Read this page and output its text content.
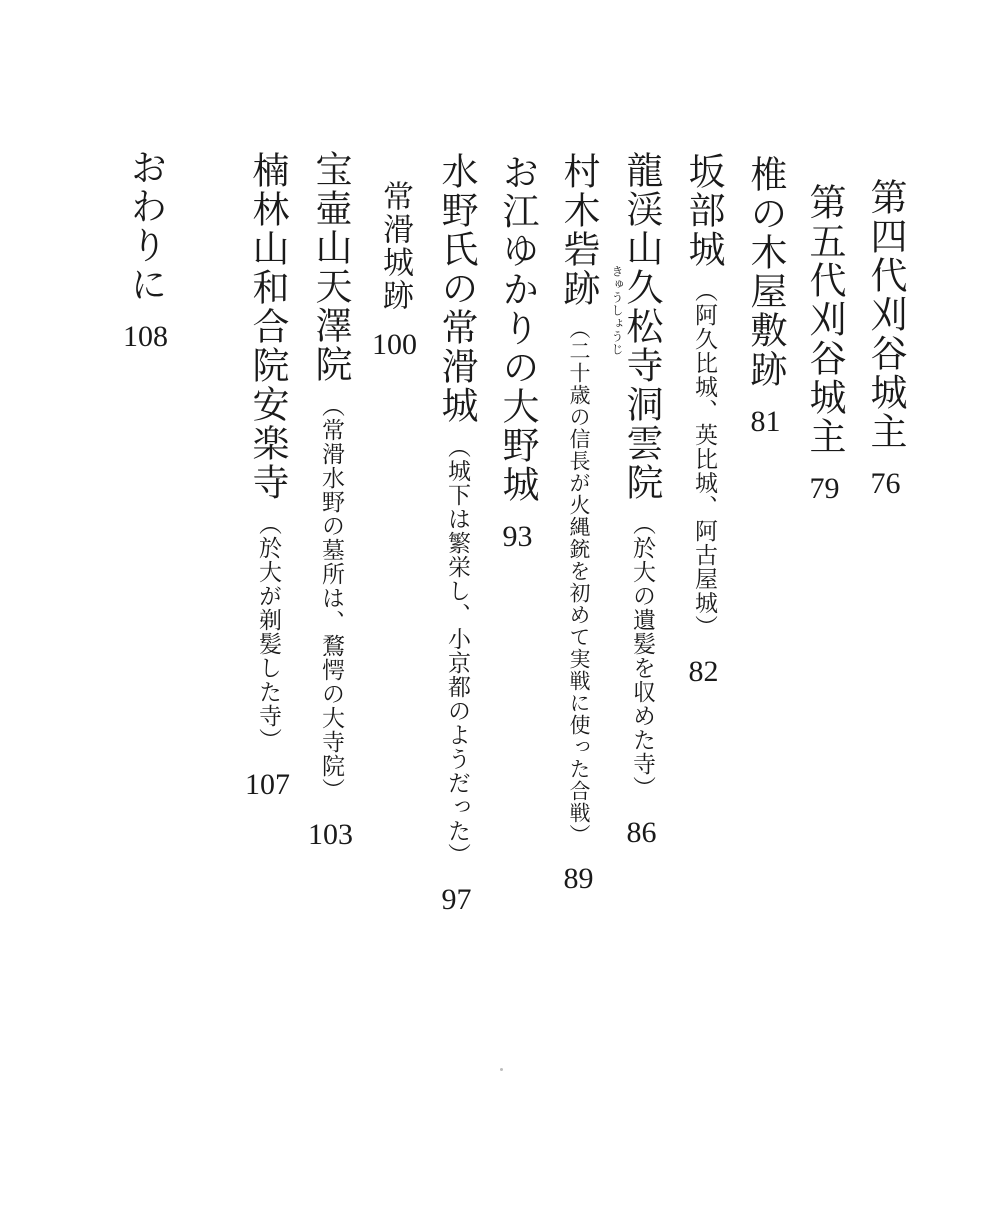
第四代刈谷城主
76
第五代刈谷城主
79
椎の木屋敷跡
81
坂部城
（阿久比城、英比城、阿古屋城）
82
龍渓山久松寺洞雲院
きゅうしょうじ
（於大の遺髪を収めた寺）
86
村木砦跡
（二十歳の信長が火縄銃を初めて実戦に使った合戦）
89
お江ゆかりの大野城
93
水野氏の常滑城
（城下は繁栄し、小京都のようだった）
97
常滑城跡
100
宝壷山天澤院
（常滑水野の墓所は、鶩愕の大寺院）
103
楠林山和合院安楽寺
（於大が剃髪した寺）
107
おわりに
108
